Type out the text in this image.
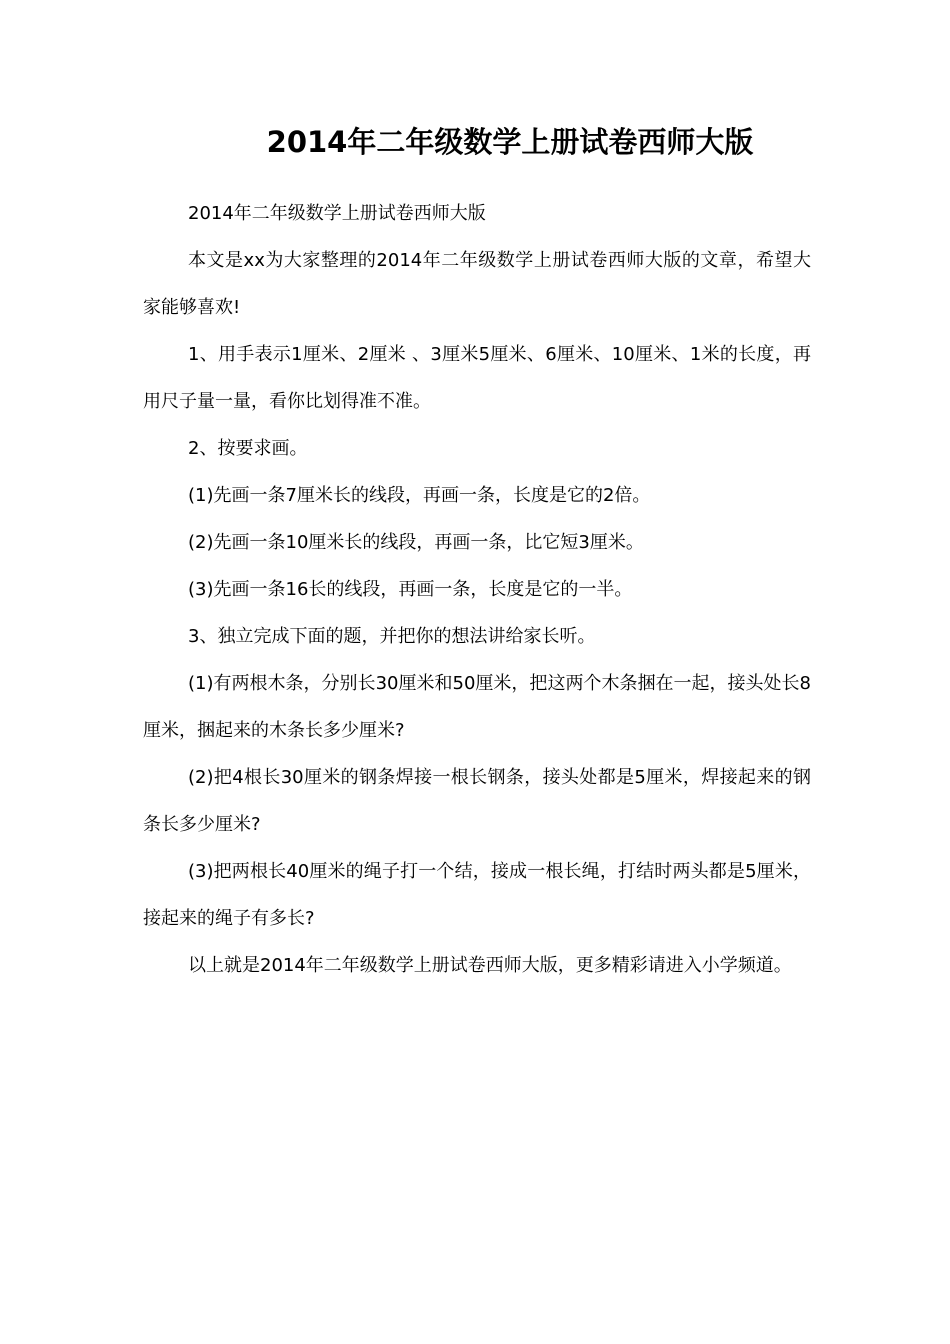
2014年二年级数学上册试卷西师大版

2014年二年级数学上册试卷西师大版

本文是xx为大家整理的2014年二年级数学上册试卷西师大版的文章，希望大家能够喜欢!

1、用手表示1厘米、2厘米 、3厘米5厘米、6厘米、10厘米、1米的长度，再用尺子量一量，看你比划得准不准。

2、按要求画。

(1)先画一条7厘米长的线段，再画一条，长度是它的2倍。

(2)先画一条10厘米长的线段，再画一条，比它短3厘米。

(3)先画一条16长的线段，再画一条，长度是它的一半。

3、独立完成下面的题，并把你的想法讲给家长听。

(1)有两根木条，分别长30厘米和50厘米，把这两个木条捆在一起，接头处长8厘米，捆起来的木条长多少厘米?

(2)把4根长30厘米的钢条焊接一根长钢条，接头处都是5厘米，焊接起来的钢条长多少厘米?

(3)把两根长40厘米的绳子打一个结，接成一根长绳，打结时两头都是5厘米，接起来的绳子有多长?

以上就是2014年二年级数学上册试卷西师大版，更多精彩请进入小学频道。
